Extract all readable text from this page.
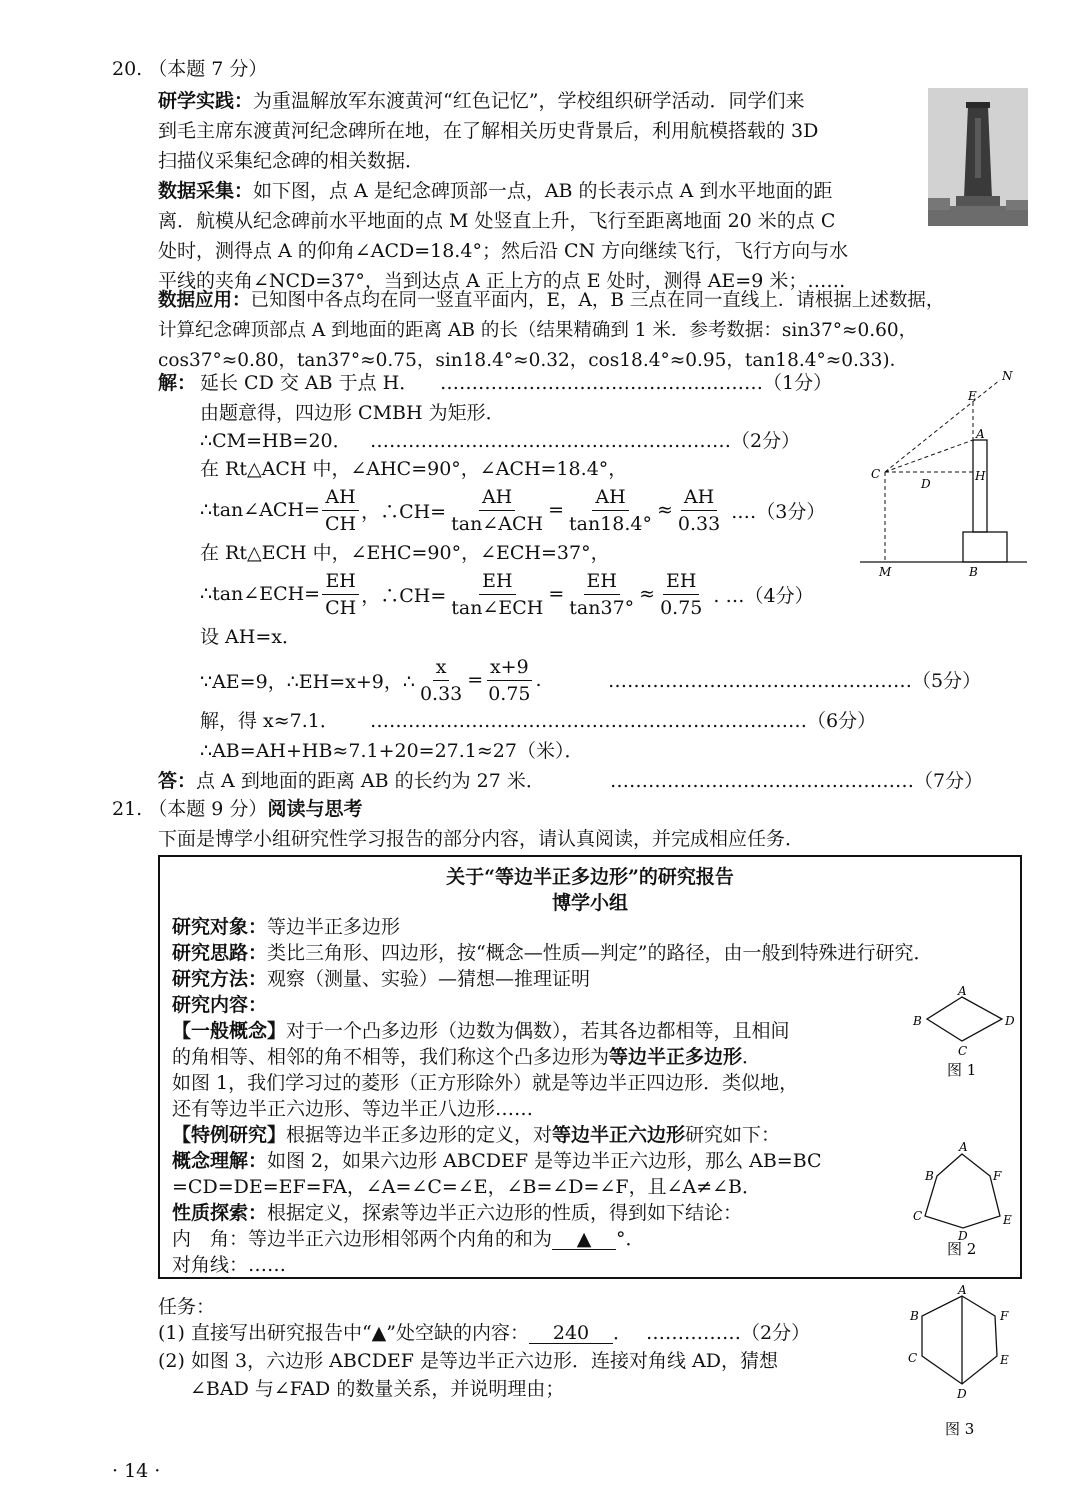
20. （本题 7 分）
研学实践：为重温解放军东渡黄河“红色记忆”，学校组织研学活动．同学们来
到毛主席东渡黄河纪念碑所在地，在了解相关历史背景后，利用航模搭载的 3D
扫描仪采集纪念碑的相关数据．
数据采集：如下图，点 A 是纪念碑顶部一点，AB 的长表示点 A 到水平地面的距
离．航模从纪念碑前水平地面的点 M 处竖直上升，飞行至距离地面 20 米的点 C
处时，测得点 A 的仰角∠ACD=18.4°；然后沿 CN 方向继续飞行，飞行方向与水
平线的夹角∠NCD=37°，当到达点 A 正上方的点 E 处时，测得 AE=9 米；……
数据应用：已知图中各点均在同一竖直平面内，E，A，B 三点在同一直线上．请根据上述数据，
计算纪念碑顶部点 A 到地面的距离 AB 的长（结果精确到 1 米．参考数据：sin37°≈0.60，
cos37°≈0.80，tan37°≈0.75，sin18.4°≈0.32，cos18.4°≈0.95，tan18.4°≈0.33)．
解： 延长 CD 交 AB 于点 H． ……………………………………………（1分）
由题意得，四边形 CMBH 为矩形．
∴CM=HB=20． …………………………………………………（2分）
在 Rt△ACH 中，∠AHC=90°，∠ACH=18.4°，
∴tan∠ACH= $\frac{AH}{CH}$ ，∴CH= $\frac{AH}{\text{tan∠ACH}} = \frac{AH}{\tan 18.4^\circ} \approx \frac{AH}{0.33}$ .…（3分）
在 Rt△ECH 中，∠EHC=90°，∠ECH=37°，
∴tan∠ECH= $\frac{EH}{CH}$ ，∴CH= $\frac{EH}{\text{tan∠ECH}} = \frac{EH}{\tan 37^\circ} \approx \frac{EH}{0.75}$ . …（4分）
设 AH=x．
∵AE=9，∴EH=x+9，∴ $\frac{x}{0.33} = \frac{x+9}{0.75}$ .	…………………………………………（5分）
解，得 x≈7.1． ……………………………………………………………（6分）
∴AB=AH+HB≈7.1+20=27.1≈27（米）．
答：点 A 到地面的距离 AB 的长约为 27 米．	…………………………………………（7分）
N
E
A
C
D
H
M	B
21. （本题 9 分）阅读与思考
下面是博学小组研究性学习报告的部分内容，请认真阅读，并完成相应任务．
关于“等边半正多边形”的研究报告
博学小组
研究对象：等边半正多边形
研究思路：类比三角形、四边形，按“概念—性质—判定”的路径，由一般到特殊进行研究．
研究方法：观察（测量、实验）—猜想—推理证明
研究内容：
【一般概念】对于一个凸多边形（边数为偶数），若其各边都相等，且相间
的角相等、相邻的角不相等，我们称这个凸多边形为等边半正多边形．
如图 1，我们学习过的菱形（正方形除外）就是等边半正四边形．类似地，
还有等边半正六边形、等边半正八边形……
【特例研究】根据等边半正多边形的定义，对等边半正六边形研究如下：
概念理解：如图 2，如果六边形 ABCDEF 是等边半正六边形，那么 AB=BC
=CD=DE=EF=FA，∠A=∠C=∠E，∠B=∠D=∠F，且∠A≠∠B．
性质探索：根据定义，探索等边半正六边形的性质，得到如下结论：
内　角：等边半正六边形相邻两个内角的和为 ▲ °．
对角线：……
A
B
C
D
图 1
A
B
C
D
E
F
图 2
任务：
(1) 直接写出研究报告中“▲”处空缺的内容： 240 ． ……………（2分）
(2) 如图 3，六边形 ABCDEF 是等边半正六边形．连接对角线 AD，猜想
∠BAD 与∠FAD 的数量关系，并说明理由；
A
B
C
D
E
F
图 3
· 14 ·
